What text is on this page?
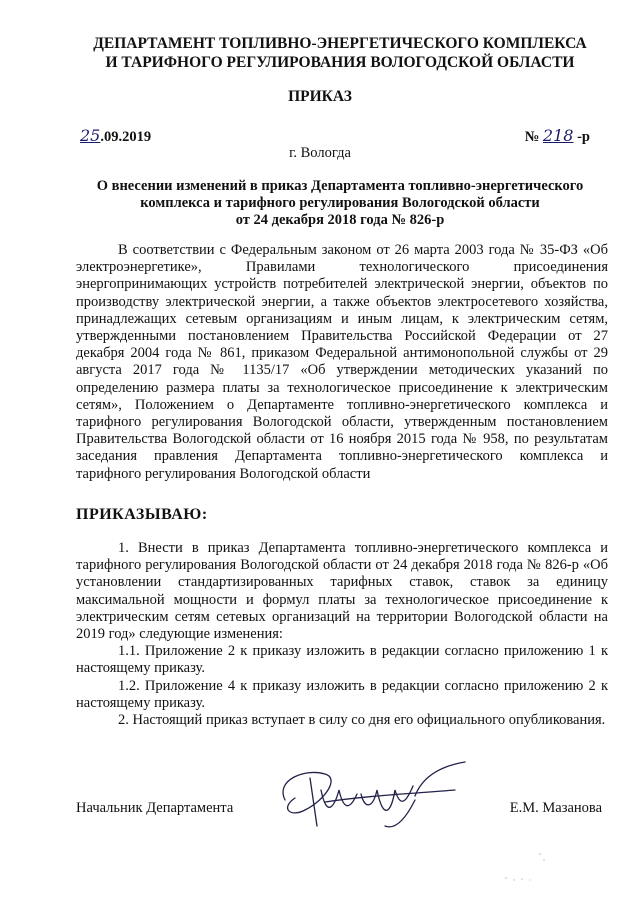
ДЕПАРТАМЕНТ ТОПЛИВНО-ЭНЕРГЕТИЧЕСКОГО КОМПЛЕКСА
И ТАРИФНОГО РЕГУЛИРОВАНИЯ ВОЛОГОДСКОЙ ОБЛАСТИ
ПРИКАЗ
25.09.2019	№ 218 -р
г. Вологда
О внесении изменений в приказ Департамента топливно-энергетического
комплекса и тарифного регулирования Вологодской области
от 24 декабря 2018 года № 826-р
В соответствии с Федеральным законом от 26 марта 2003 года № 35-ФЗ «Об электроэнергетике», Правилами технологического присоединения энергопринимающих устройств потребителей электрической энергии, объектов по производству электрической энергии, а также объектов электросетевого хозяйства, принадлежащих сетевым организациям и иным лицам, к электрическим сетям, утвержденными постановлением Правительства Российской Федерации от 27 декабря 2004 года № 861, приказом Федеральной антимонопольной службы от 29 августа 2017 года № 1135/17 «Об утверждении методических указаний по определению размера платы за технологическое присоединение к электрическим сетям», Положением о Департаменте топливно-энергетического комплекса и тарифного регулирования Вологодской области, утвержденным постановлением Правительства Вологодской области от 16 ноября 2015 года № 958, по результатам заседания правления Департамента топливно-энергетического комплекса и тарифного регулирования Вологодской области
ПРИКАЗЫВАЮ:

1. Внести в приказ Департамента топливно-энергетического комплекса и тарифного регулирования Вологодской области от 24 декабря 2018 года № 826-р «Об установлении стандартизированных тарифных ставок, ставок за единицу максимальной мощности и формул платы за технологическое присоединение к электрическим сетям сетевых организаций на территории Вологодской области на 2019 год» следующие изменения:

1.1. Приложение 2 к приказу изложить в редакции согласно приложению 1 к настоящему приказу.

1.2. Приложение 4 к приказу изложить в редакции согласно приложению 2 к настоящему приказу.

2. Настоящий приказ вступает в силу со дня его официального опубликования.

Начальник Департамента	Е.М. Мазанова
